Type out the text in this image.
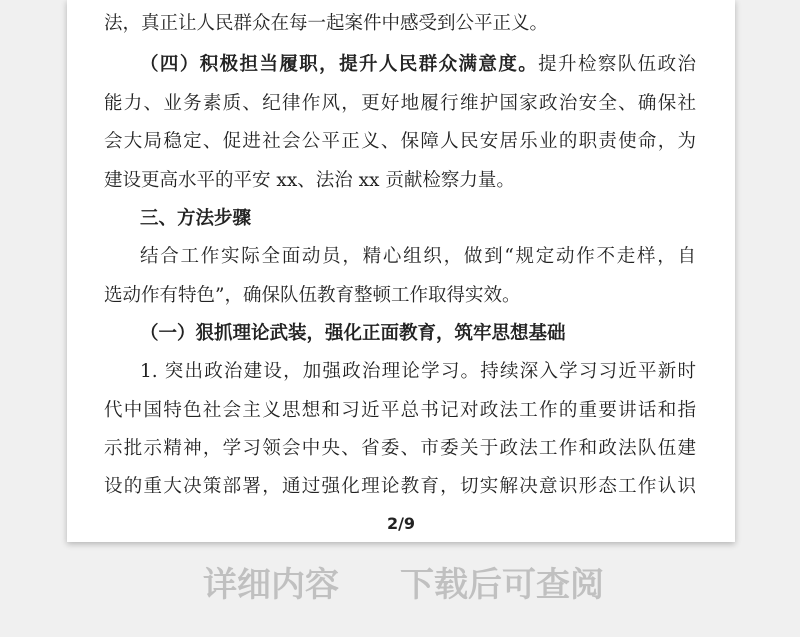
法，真正让人民群众在每一起案件中感受到公平正义。
（四）积极担当履职，提升人民群众满意度。提升检察队伍政治
能力、业务素质、纪律作风，更好地履行维护国家政治安全、确保社
会大局稳定、促进社会公平正义、保障人民安居乐业的职责使命，为
建设更高水平的平安 xx、法治 xx 贡献检察力量。
三、方法步骤
结合工作实际全面动员，精心组织，做到“规定动作不走样，自
选动作有特色”，确保队伍教育整顿工作取得实效。
（一）狠抓理论武装，强化正面教育，筑牢思想基础
1. 突出政治建设，加强政治理论学习。持续深入学习习近平新时
代中国特色社会主义思想和习近平总书记对政法工作的重要讲话和指
示批示精神，学习领会中央、省委、市委关于政法工作和政法队伍建
设的重大决策部署，通过强化理论教育，切实解决意识形态工作认识
2/9
详细内容 下载后可查阅
